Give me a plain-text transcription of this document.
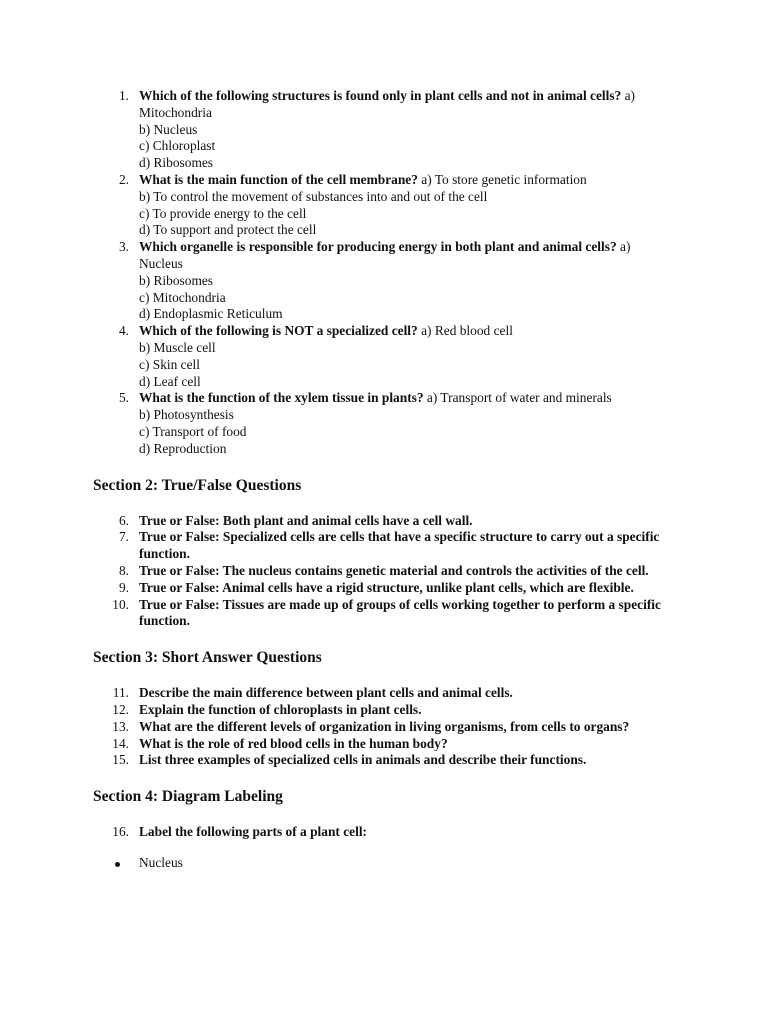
1. Which of the following structures is found only in plant cells and not in animal cells? a) Mitochondria
b) Nucleus
c) Chloroplast
d) Ribosomes
2. What is the main function of the cell membrane? a) To store genetic information
b) To control the movement of substances into and out of the cell
c) To provide energy to the cell
d) To support and protect the cell
3. Which organelle is responsible for producing energy in both plant and animal cells? a) Nucleus
b) Ribosomes
c) Mitochondria
d) Endoplasmic Reticulum
4. Which of the following is NOT a specialized cell? a) Red blood cell
b) Muscle cell
c) Skin cell
d) Leaf cell
5. What is the function of the xylem tissue in plants? a) Transport of water and minerals
b) Photosynthesis
c) Transport of food
d) Reproduction
Section 2: True/False Questions
6. True or False: Both plant and animal cells have a cell wall.
7. True or False: Specialized cells are cells that have a specific structure to carry out a specific function.
8. True or False: The nucleus contains genetic material and controls the activities of the cell.
9. True or False: Animal cells have a rigid structure, unlike plant cells, which are flexible.
10. True or False: Tissues are made up of groups of cells working together to perform a specific function.
Section 3: Short Answer Questions
11. Describe the main difference between plant cells and animal cells.
12. Explain the function of chloroplasts in plant cells.
13. What are the different levels of organization in living organisms, from cells to organs?
14. What is the role of red blood cells in the human body?
15. List three examples of specialized cells in animals and describe their functions.
Section 4: Diagram Labeling
16. Label the following parts of a plant cell:
Nucleus
